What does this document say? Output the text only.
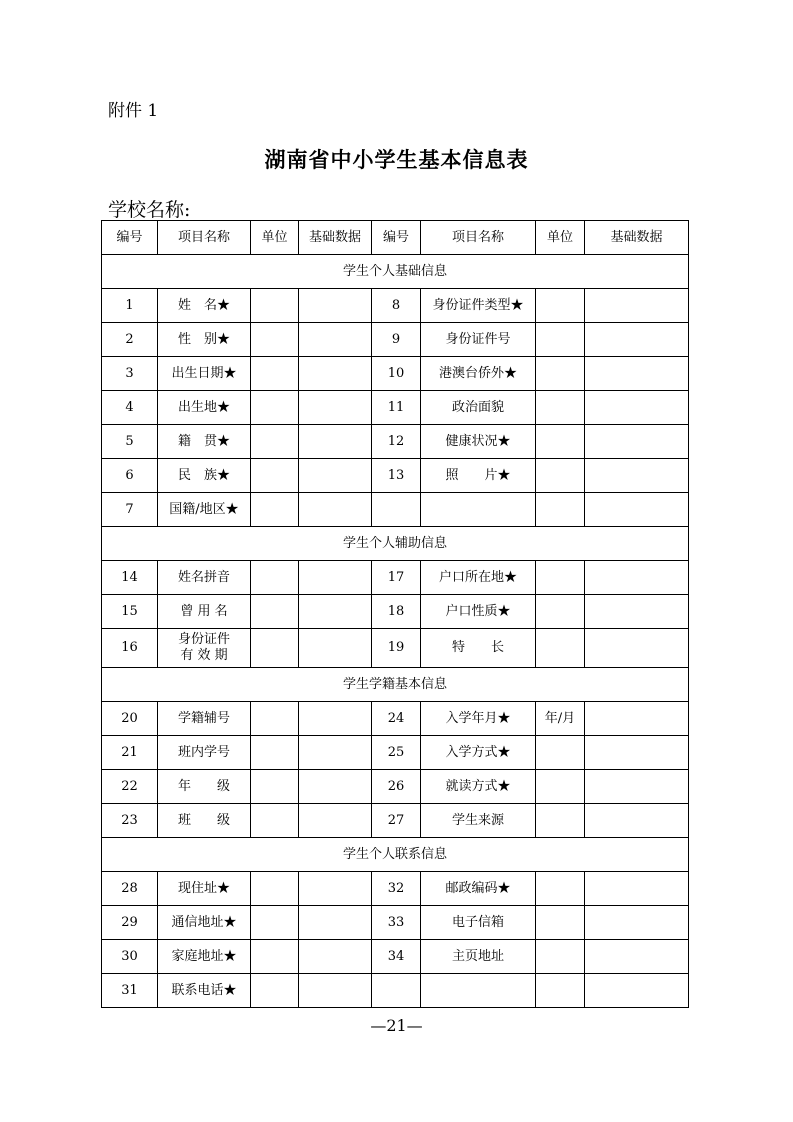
附件 1
湖南省中小学生基本信息表
学校名称:
编号	项目名称	单位	基础数据	编号	项目名称	单位	基础数据
学生个人基础信息							
1	姓　名★			8	身份证件类型★		
2	性　别★			9	身份证件号		
3	出生日期★			10	港澳台侨外★		
4	出生地★			11	政治面貌		
5	籍　贯★			12	健康状况★		
6	民　族★			13	照　　片★		
7	国籍/地区★						
学生个人辅助信息							
14	姓名拼音			17	户口所在地★		
15	曾 用 名			18	户口性质★		
16	身份证件
有 效 期			19	特　　长		
学生学籍基本信息							
20	学籍辅号			24	入学年月★	年/月	
21	班内学号			25	入学方式★		
22	年　　级			26	就读方式★		
23	班　　级			27	学生来源		
学生个人联系信息							
28	现住址★			32	邮政编码★		
29	通信地址★			33	电子信箱		
30	家庭地址★			34	主页地址		
31	联系电话★						
—21—
